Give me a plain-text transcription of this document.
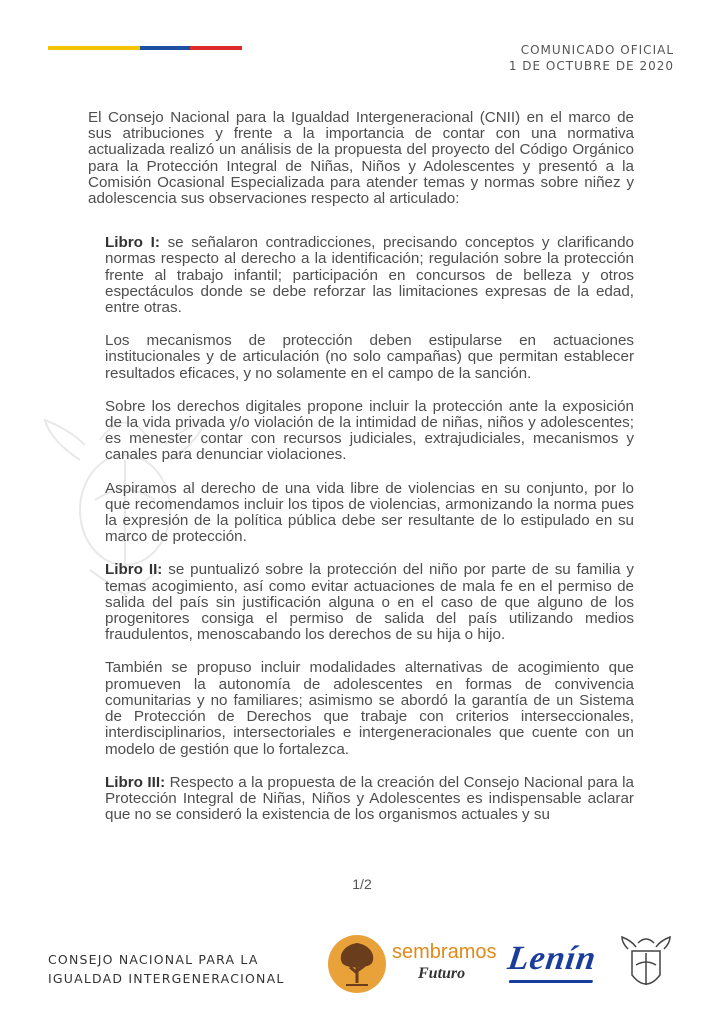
COMUNICADO OFICIAL
1 DE OCTUBRE DE 2020

El Consejo Nacional para la Igualdad Intergeneracional (CNII) en el marco de sus atribuciones y frente a la importancia de contar con una normativa actualizada realizó un análisis de la propuesta del proyecto del Código Orgánico para la Protección Integral de Niñas, Niños y Adolescentes y presentó a la Comisión Ocasional Especializada para atender temas y normas sobre niñez y adolescencia sus observaciones respecto al articulado:

Libro I: se señalaron contradicciones, precisando conceptos y clarificando normas respecto al derecho a la identificación; regulación sobre la protección frente al trabajo infantil; participación en concursos de belleza y otros espectáculos donde se debe reforzar las limitaciones expresas de la edad, entre otras.

Los mecanismos de protección deben estipularse en actuaciones institucionales y de articulación (no solo campañas) que permitan establecer resultados eficaces, y no solamente en el campo de la sanción.

Sobre los derechos digitales propone incluir la protección ante la exposición de la vida privada y/o violación de la intimidad de niñas, niños y adolescentes; es menester contar con recursos judiciales, extrajudiciales, mecanismos y canales para denunciar violaciones.

Aspiramos al derecho de una vida libre de violencias en su conjunto, por lo que recomendamos incluir los tipos de violencias, armonizando la norma pues la expresión de la política pública debe ser resultante de lo estipulado en su marco de protección.

Libro II: se puntualizó sobre la protección del niño por parte de su familia y temas acogimiento, así como evitar actuaciones de mala fe en el permiso de salida del país sin justificación alguna o en el caso de que alguno de los progenitores consiga el permiso de salida del país utilizando medios fraudulentos, menoscabando los derechos de su hija o hijo.

También se propuso incluir modalidades alternativas de acogimiento que promueven la autonomía de adolescentes en formas de convivencia comunitarias y no familiares; asimismo se abordó la garantía de un Sistema de Protección de Derechos que trabaje con criterios interseccionales, interdisciplinarios, intersectoriales e intergeneracionales que cuente con un modelo de gestión que lo fortalezca.

Libro III: Respecto a la propuesta de la creación del Consejo Nacional para la Protección Integral de Niñas, Niños y Adolescentes es indispensable aclarar que no se consideró la existencia de los organismos actuales y su

1/2
CONSEJO NACIONAL PARA LA
IGUALDAD INTERGENERACIONAL
sembramos
Futuro Lenín
